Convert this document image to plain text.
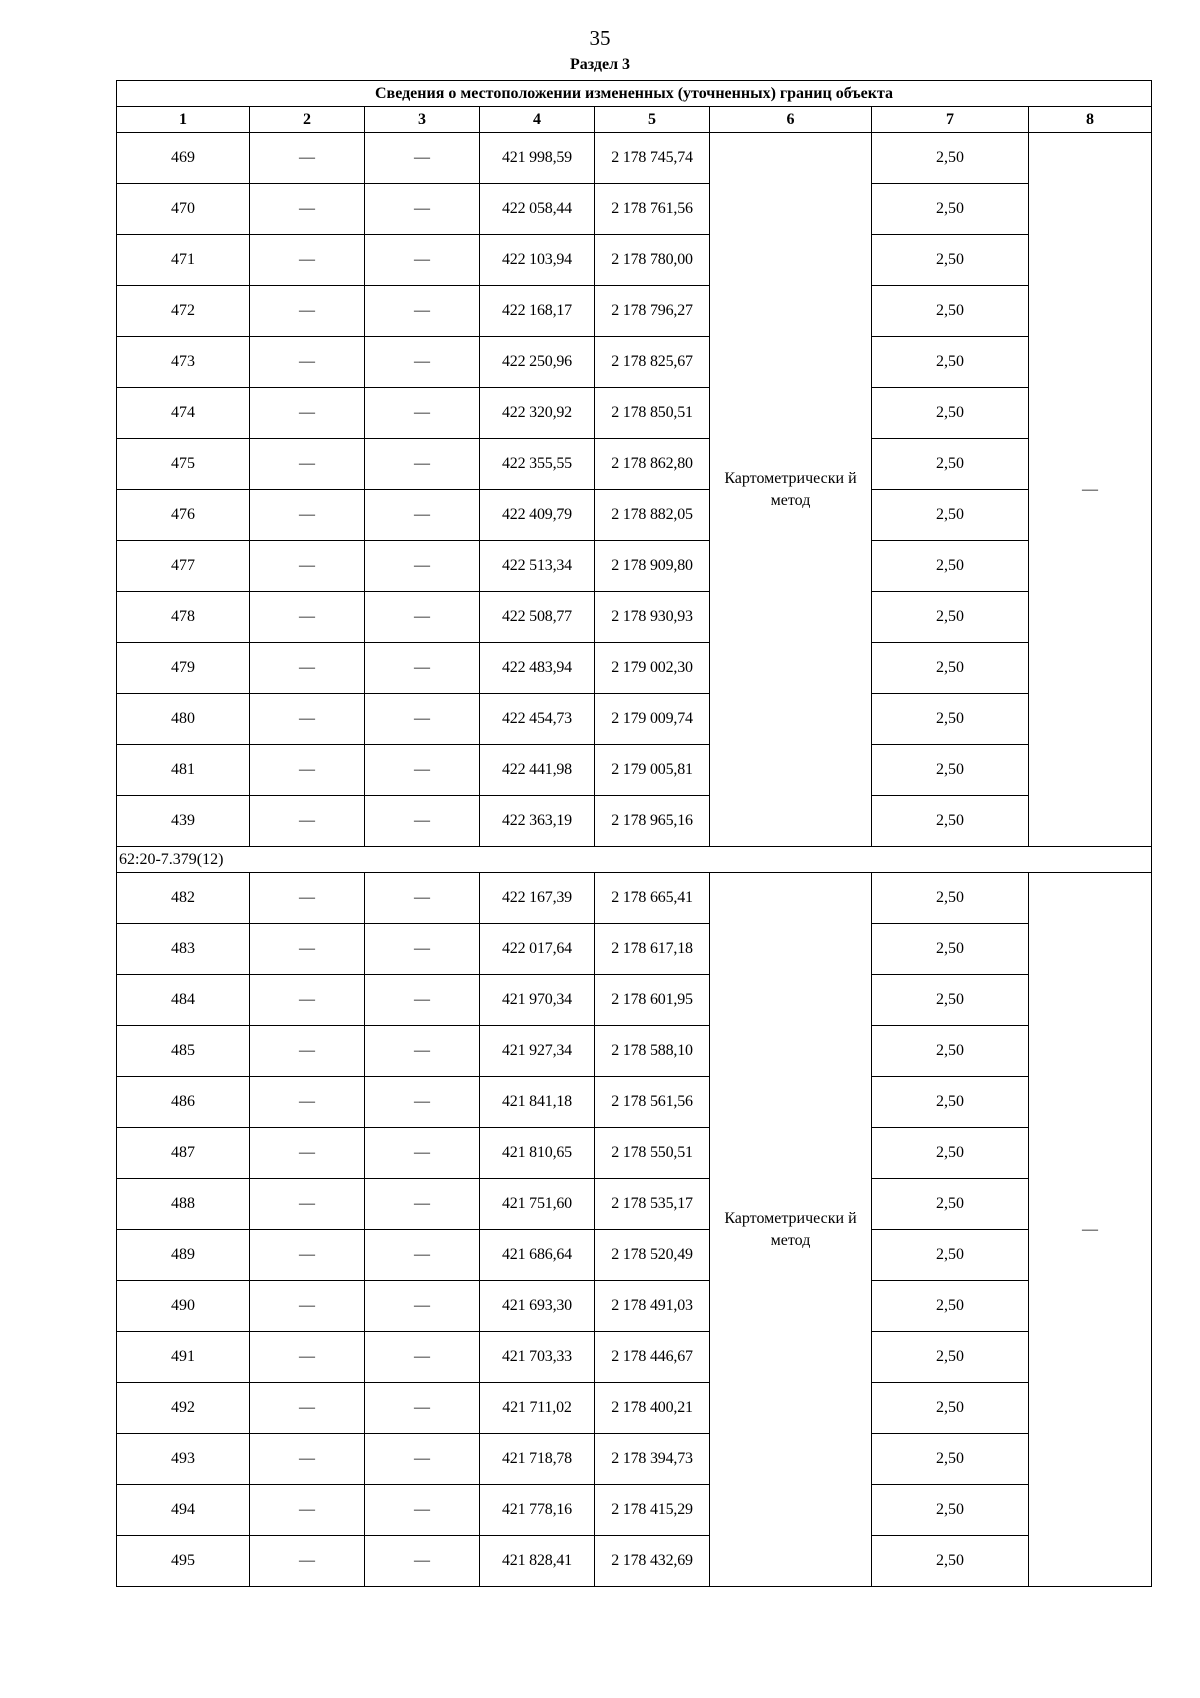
35
Раздел 3
Сведения о местоположении измененных (уточненных) границ объекта							
1	2	3	4	5	6	7	8
469	—	—	421 998,59	2 178 745,74	Картометрически й метод	2,50	—
470	—	—	422 058,44	2 178 761,56		2,50	
471	—	—	422 103,94	2 178 780,00		2,50	
472	—	—	422 168,17	2 178 796,27		2,50	
473	—	—	422 250,96	2 178 825,67		2,50	
474	—	—	422 320,92	2 178 850,51		2,50	
475	—	—	422 355,55	2 178 862,80		2,50	
476	—	—	422 409,79	2 178 882,05		2,50	
477	—	—	422 513,34	2 178 909,80		2,50	
478	—	—	422 508,77	2 178 930,93		2,50	
479	—	—	422 483,94	2 179 002,30		2,50	
480	—	—	422 454,73	2 179 009,74		2,50	
481	—	—	422 441,98	2 179 005,81		2,50	
439	—	—	422 363,19	2 178 965,16		2,50	
62:20-7.379(12)							
482	—	—	422 167,39	2 178 665,41	Картометрически й метод	2,50	—
483	—	—	422 017,64	2 178 617,18		2,50	
484	—	—	421 970,34	2 178 601,95		2,50	
485	—	—	421 927,34	2 178 588,10		2,50	
486	—	—	421 841,18	2 178 561,56		2,50	
487	—	—	421 810,65	2 178 550,51		2,50	
488	—	—	421 751,60	2 178 535,17		2,50	
489	—	—	421 686,64	2 178 520,49		2,50	
490	—	—	421 693,30	2 178 491,03		2,50	
491	—	—	421 703,33	2 178 446,67		2,50	
492	—	—	421 711,02	2 178 400,21		2,50	
493	—	—	421 718,78	2 178 394,73		2,50	
494	—	—	421 778,16	2 178 415,29		2,50	
495	—	—	421 828,41	2 178 432,69		2,50	
